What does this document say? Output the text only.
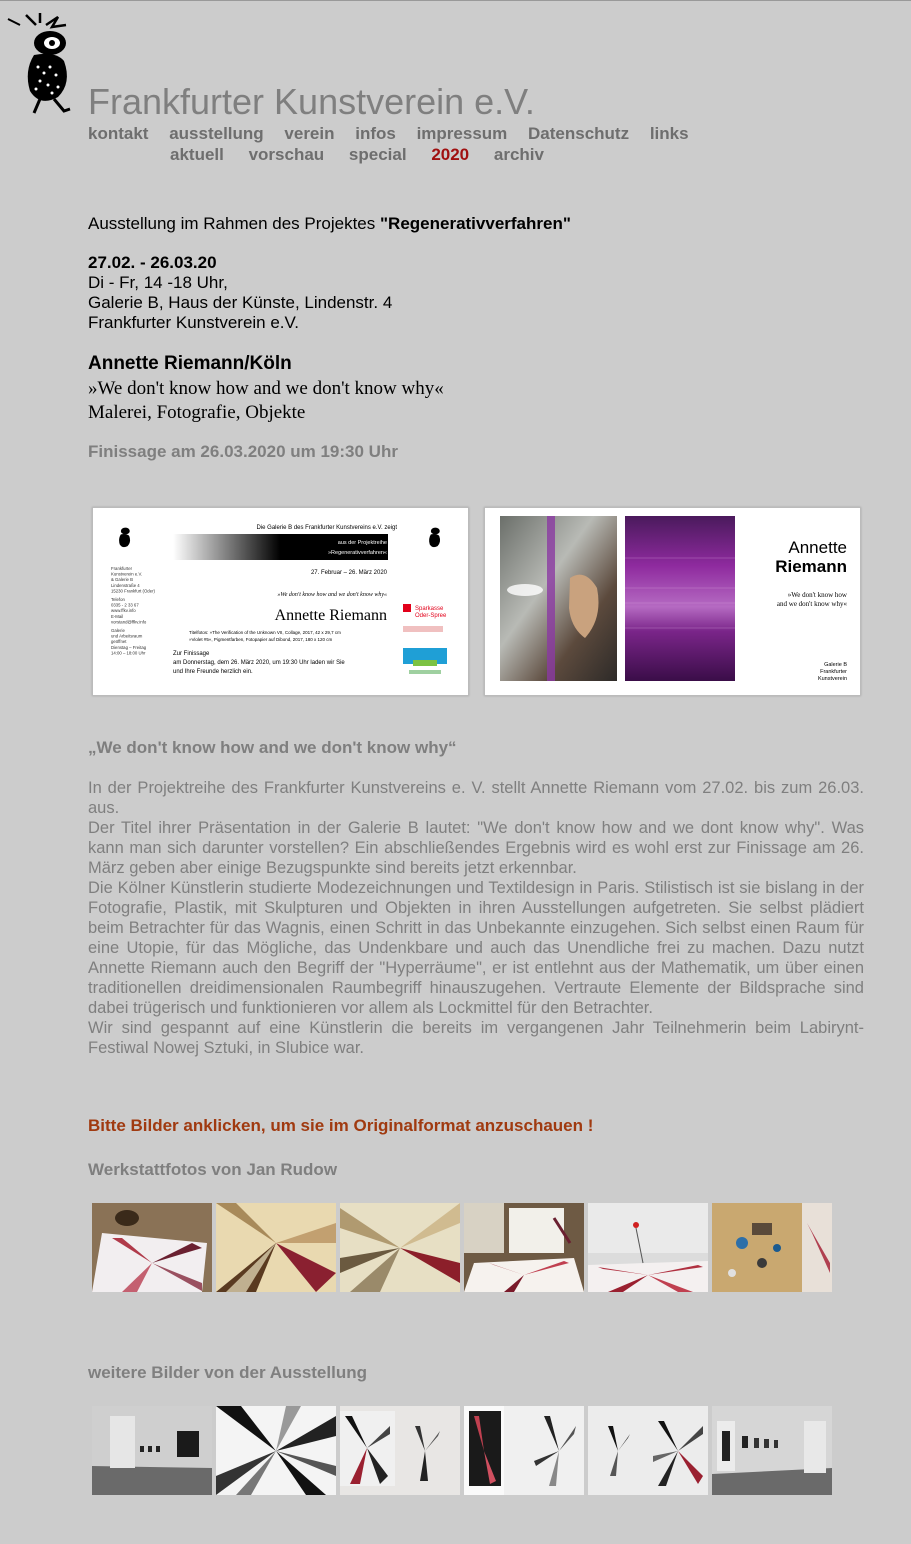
Frankfurter Kunstverein e.V.
kontakt ausstellung verein infos impressum Datenschutz links
aktuell vorschau special 2020 archiv
Ausstellung im Rahmen des Projektes "Regenerativverfahren"
27.02. - 26.03.20
Di - Fr, 14 -18 Uhr,
Galerie B, Haus der Künste, Lindenstr. 4
Frankfurter Kunstverein e.V.
Annette Riemann/Köln
»We don't know how and we don't know why«
Malerei, Fotografie, Objekte
Finissage am 26.03.2020 um 19:30 Uhr
Die Galerie B des Frankfurter Kunstvereins e.V. zeigt
aus der Projektreihe
»Regenerativverfahren«
27. Februar – 26. März 2020
»We don't know how and we don't know why«
Annette Riemann
Titelfotos: »The Verification of the Unknown VII, Collage, 2017, 42 x 29,7 cm
»Violet #5«, Pigmentfarben, Fotopapier auf Dibond, 2017, 180 x 120 cm
Zur Finissage
am Donnerstag, dem 26. März 2020, um 19:30 Uhr laden wir Sie
und Ihre Freunde herzlich ein.
Frankfurter
Kunstverein e.V.
& Galerie B
Lindenstraße 4
15230 Frankfurt (Oder)
Telefon
0335 - 2 33 67
www.ffkv.info
E-Mail
vorstand@ffkv.info
Galerie
und Arbeitsraum
geöffnet
Dienstag – Freitag
14:00 – 18:00 Uhr
Sparkasse
Oder-Spree
Annette
Riemann
»We don't know how
and we don't know why«
Galerie B
Frankfurter
Kunstverein
„We don't know how and we don't know why“

In der Projektreihe des Frankfurter Kunstvereins e. V. stellt Annette Riemann vom 27.02. bis zum 26.03. aus.

Der Titel ihrer Präsentation in der Galerie B lautet: "We don't know how and we dont know why". Was kann man sich darunter vorstellen? Ein abschließendes Ergebnis wird es wohl erst zur Finissage am 26. März geben aber einige Bezugspunkte sind bereits jetzt erkennbar.

Die Kölner Künstlerin studierte Modezeichnungen und Textildesign in Paris. Stilistisch ist sie bislang in der Fotografie, Plastik, mit Skulpturen und Objekten in ihren Ausstellungen aufgetreten. Sie selbst plädiert beim Betrachter für das Wagnis, einen Schritt in das Unbekannte einzugehen. Sich selbst einen Raum für eine Utopie, für das Mögliche, das Undenkbare und auch das Unendliche frei zu machen. Dazu nutzt Annette Riemann auch den Begriff der "Hyperräume", er ist entlehnt aus der Mathematik, um über einen traditionellen dreidimensionalen Raumbegriff hinauszugehen. Vertraute Elemente der Bildsprache sind dabei trügerisch und funktionieren vor allem als Lockmittel für den Betrachter.

Wir sind gespannt auf eine Künstlerin die bereits im vergangenen Jahr Teilnehmerin beim Labirynt-Festiwal Nowej Sztuki, in Slubice war.

Bitte Bilder anklicken, um sie im Originalformat anzuschauen !
Werkstattfotos von Jan Rudow
weitere Bilder von der Ausstellung
